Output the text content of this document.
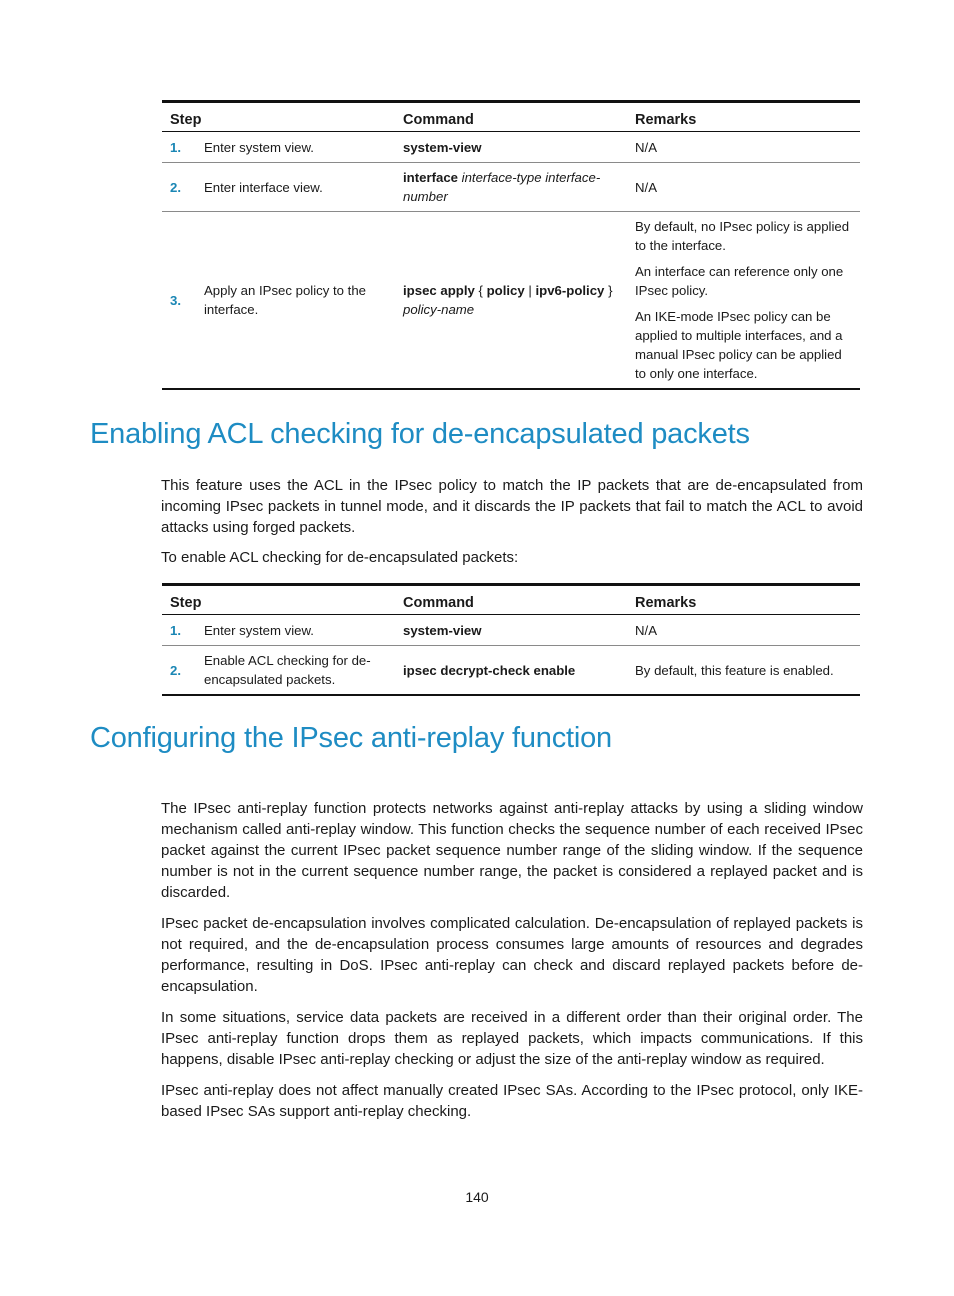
Step		Command	Remarks
1.	Enter system view.	system-view	N/A
2.	Enter interface view.	interface interface-type interface-number	N/A
3.	Apply an IPsec policy to the interface.	ipsec apply { policy | ipv6-policy } policy-name	By default, no IPsec policy is applied to the interface.

An interface can reference only one IPsec policy.

An IKE-mode IPsec policy can be applied to multiple interfaces, and a manual IPsec policy can be applied to only one interface.

Enabling ACL checking for de-encapsulated packets

This feature uses the ACL in the IPsec policy to match the IP packets that are de-encapsulated from incoming IPsec packets in tunnel mode, and it discards the IP packets that fail to match the ACL to avoid attacks using forged packets.

To enable ACL checking for de-encapsulated packets:

Step		Command	Remarks
1.	Enter system view.	system-view	N/A
2.	Enable ACL checking for de-encapsulated packets.	ipsec decrypt-check enable	By default, this feature is enabled.
Configuring the IPsec anti-replay function

The IPsec anti-replay function protects networks against anti-replay attacks by using a sliding window mechanism called anti-replay window. This function checks the sequence number of each received IPsec packet against the current IPsec packet sequence number range of the sliding window. If the sequence number is not in the current sequence number range, the packet is considered a replayed packet and is discarded.

IPsec packet de-encapsulation involves complicated calculation. De-encapsulation of replayed packets is not required, and the de-encapsulation process consumes large amounts of resources and degrades performance, resulting in DoS. IPsec anti-replay can check and discard replayed packets before de-encapsulation.

In some situations, service data packets are received in a different order than their original order. The IPsec anti-replay function drops them as replayed packets, which impacts communications. If this happens, disable IPsec anti-replay checking or adjust the size of the anti-replay window as required.

IPsec anti-replay does not affect manually created IPsec SAs. According to the IPsec protocol, only IKE-based IPsec SAs support anti-replay checking.

140
